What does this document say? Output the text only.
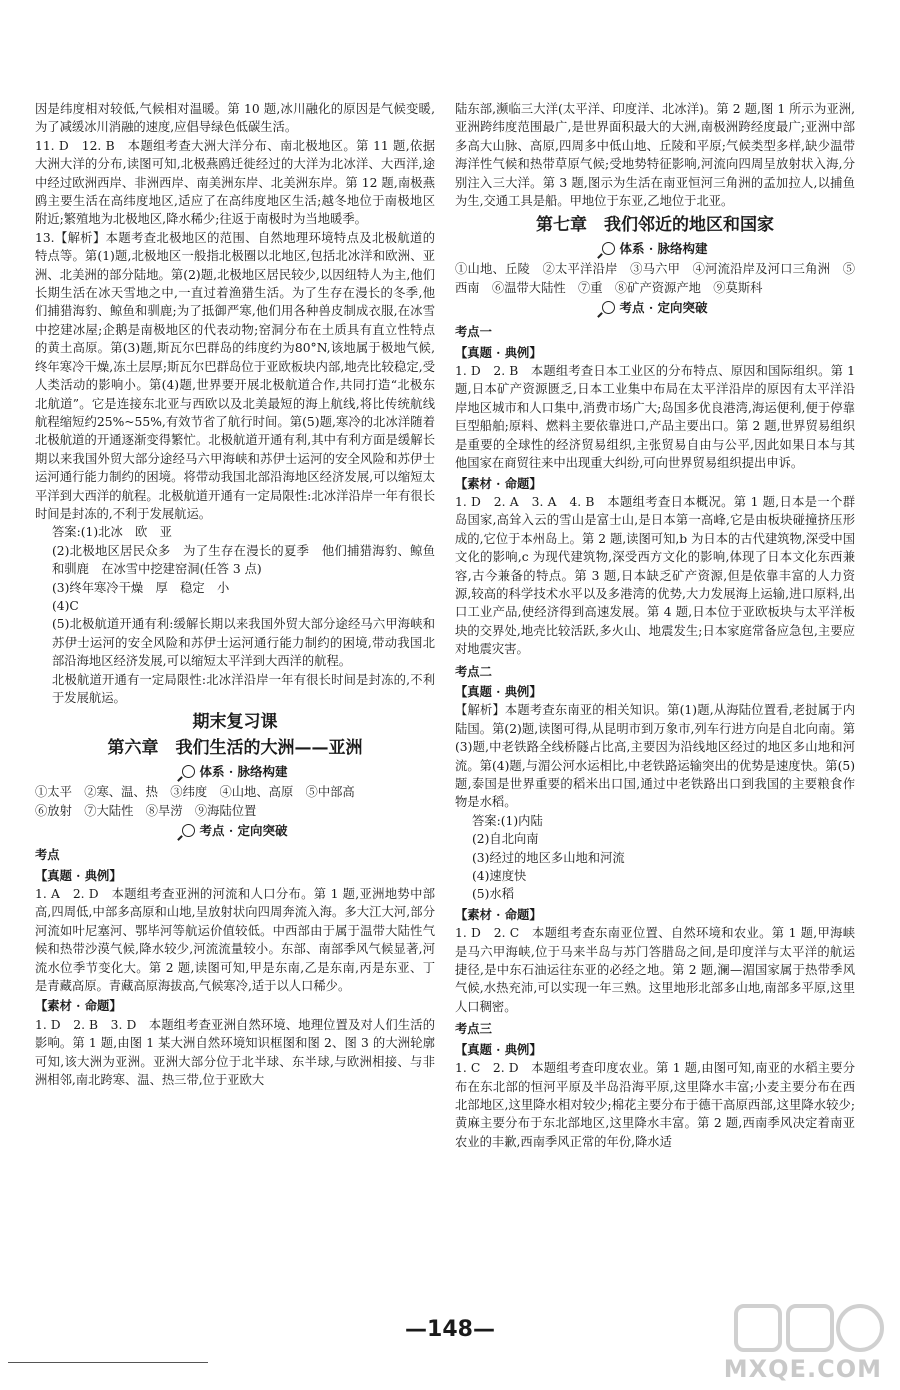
因是纬度相对较低,气候相对温暖。第 10 题,冰川融化的原因是气候变暖,为了减缓冰川消融的速度,应倡导绿色低碳生活。

11. D　12. B　本题组考查大洲大洋分布、南北极地区。第 11 题,依据大洲大洋的分布,读图可知,北极燕鸥迁徙经过的大洋为北冰洋、大西洋,途中经过欧洲西岸、非洲西岸、南美洲东岸、北美洲东岸。第 12 题,南极燕鸥主要生活在高纬度地区,适应了在高纬度地区生活;越冬地位于南极地区附近;繁殖地为北极地区,降水稀少;往返于南极时为当地暖季。

13.【解析】本题考查北极地区的范围、自然地理环境特点及北极航道的特点等。第(1)题,北极地区一般指北极圈以北地区,包括北冰洋和欧洲、亚洲、北美洲的部分陆地。第(2)题,北极地区居民较少,以因纽特人为主,他们长期生活在冰天雪地之中,一直过着渔猎生活。为了生存在漫长的冬季,他们捕猎海豹、鲸鱼和驯鹿;为了抵御严寒,他们用各种兽皮制成衣服,在冰雪中挖建冰屋;企鹅是南极地区的代表动物;窑洞分布在土质具有直立性特点的黄土高原。第(3)题,斯瓦尔巴群岛的纬度约为80°N,该地属于极地气候,终年寒冷干燥,冻土层厚;斯瓦尔巴群岛位于亚欧板块内部,地壳比较稳定,受人类活动的影响小。第(4)题,世界要开展北极航道合作,共同打造“北极东北航道”。它是连接东北亚与西欧以及北美最短的海上航线,将比传统航线航程缩短约25%~55%,有效节省了航行时间。第(5)题,寒冷的北冰洋随着北极航道的开通逐渐变得繁忙。北极航道开通有利,其中有利方面是缓解长期以来我国外贸大部分途经马六甲海峡和苏伊士运河的安全风险和苏伊士运河通行能力制约的困境。将带动我国北部沿海地区经济发展,可以缩短太平洋到大西洋的航程。北极航道开通有一定局限性:北冰洋沿岸一年有很长时间是封冻的,不利于发展航运。

答案:(1)北冰　欧　亚

(2)北极地区居民众多　为了生存在漫长的夏季　他们捕猎海豹、鲸鱼和驯鹿　在冰雪中挖建窑洞(任答 3 点)

(3)终年寒冷干燥　厚　稳定　小

(4)C

(5)北极航道开通有利:缓解长期以来我国外贸大部分途经马六甲海峡和苏伊士运河的安全风险和苏伊士运河通行能力制约的困境,带动我国北部沿海地区经济发展,可以缩短太平洋到大西洋的航程。

北极航道开通有一定局限性:北冰洋沿岸一年有很长时间是封冻的,不利于发展航运。

期末复习课
第六章　我们生活的大洲——亚洲
体系 · 脉络构建

①太平　②寒、温、热　③纬度　④山地、高原　⑤中部高

⑥放射　⑦大陆性　⑧旱涝　⑨海陆位置

考点 · 定向突破

考点

【真题 · 典例】

1. A　2. D　本题组考查亚洲的河流和人口分布。第 1 题,亚洲地势中部高,四周低,中部多高原和山地,呈放射状向四周奔流入海。多大江大河,部分河流如叶尼塞河、鄂毕河等航运价值较低。中西部由于属于温带大陆性气候和热带沙漠气候,降水较少,河流流量较小。东部、南部季风气候显著,河流水位季节变化大。第 2 题,读图可知,甲是东南,乙是东南,丙是东亚、丁是青藏高原。青藏高原海拔高,气候寒冷,适于以人口稀少。

【素材 · 命题】

1. D　2. B　3. D　本题组考查亚洲自然环境、地理位置及对人们生活的影响。第 1 题,由图 1 某大洲自然环境知识框图和图 2、图 3 的大洲轮廓可知,该大洲为亚洲。亚洲大部分位于北半球、东半球,与欧洲相接、与非洲相邻,南北跨寒、温、热三带,位于亚欧大

陆东部,濒临三大洋(太平洋、印度洋、北冰洋)。第 2 题,图 1 所示为亚洲,亚洲跨纬度范围最广,是世界面积最大的大洲,南极洲跨经度最广;亚洲中部多高大山脉、高原,四周多中低山地、丘陵和平原;气候类型多样,缺少温带海洋性气候和热带草原气候;受地势特征影响,河流向四周呈放射状入海,分别注入三大洋。第 3 题,图示为生活在南亚恒河三角洲的孟加拉人,以捕鱼为生,交通工具是船。甲地位于东亚,乙地位于北亚。

第七章　我们邻近的地区和国家
体系 · 脉络构建

①山地、丘陵　②太平洋沿岸　③马六甲　④河流沿岸及河口三角洲　⑤西南　⑥温带大陆性　⑦重　⑧矿产资源产地　⑨莫斯科

考点 · 定向突破

考点一

【真题 · 典例】

1. D　2. B　本题组考查日本工业区的分布特点、原因和国际组织。第 1 题,日本矿产资源匮乏,日本工业集中布局在太平洋沿岸的原因有太平洋沿岸地区城市和人口集中,消费市场广大;岛国多优良港湾,海运便利,便于停靠巨型船舶;原料、燃料主要依靠进口,产品主要出口。第 2 题,世界贸易组织是重要的全球性的经济贸易组织,主张贸易自由与公平,因此如果日本与其他国家在商贸往来中出现重大纠纷,可向世界贸易组织提出申诉。

【素材 · 命题】

1. D　2. A　3. A　4. B　本题组考查日本概况。第 1 题,日本是一个群岛国家,高耸入云的雪山是富士山,是日本第一高峰,它是由板块碰撞挤压形成的,它位于本州岛上。第 2 题,读图可知,b 为日本的古代建筑物,深受中国文化的影响,c 为现代建筑物,深受西方文化的影响,体现了日本文化东西兼容,古今兼备的特点。第 3 题,日本缺乏矿产资源,但是依靠丰富的人力资源,较高的科学技术水平以及多港湾的优势,大力发展海上运输,进口原料,出口工业产品,使经济得到高速发展。第 4 题,日本位于亚欧板块与太平洋板块的交界处,地壳比较活跃,多火山、地震发生;日本家庭常备应急包,主要应对地震灾害。

考点二

【真题 · 典例】

【解析】本题考查东南亚的相关知识。第(1)题,从海陆位置看,老挝属于内陆国。第(2)题,读图可得,从昆明市到万象市,列车行进方向是自北向南。第(3)题,中老铁路全线桥隧占比高,主要因为沿线地区经过的地区多山地和河流。第(4)题,与湄公河水运相比,中老铁路运输突出的优势是速度快。第(5)题,泰国是世界重要的稻米出口国,通过中老铁路出口到我国的主要粮食作物是水稻。

答案:(1)内陆

(2)自北向南

(3)经过的地区多山地和河流

(4)速度快

(5)水稻

【素材 · 命题】

1. D　2. C　本题组考查东南亚位置、自然环境和农业。第 1 题,甲海峡是马六甲海峡,位于马来半岛与苏门答腊岛之间,是印度洋与太平洋的航运捷径,是中东石油运往东亚的必经之地。第 2 题,澜—湄国家属于热带季风气候,水热充沛,可以实现一年三熟。这里地形北部多山地,南部多平原,这里人口稠密。

考点三

【真题 · 典例】

1. C　2. D　本题组考查印度农业。第 1 题,由图可知,南亚的水稻主要分布在东北部的恒河平原及半岛沿海平原,这里降水丰富;小麦主要分布在西北部地区,这里降水相对较少;棉花主要分布于德干高原西部,这里降水较少;黄麻主要分布于东北部地区,这里降水丰富。第 2 题,西南季风决定着南亚农业的丰歉,西南季风正常的年份,降水适

—148—
MXQE.COM
